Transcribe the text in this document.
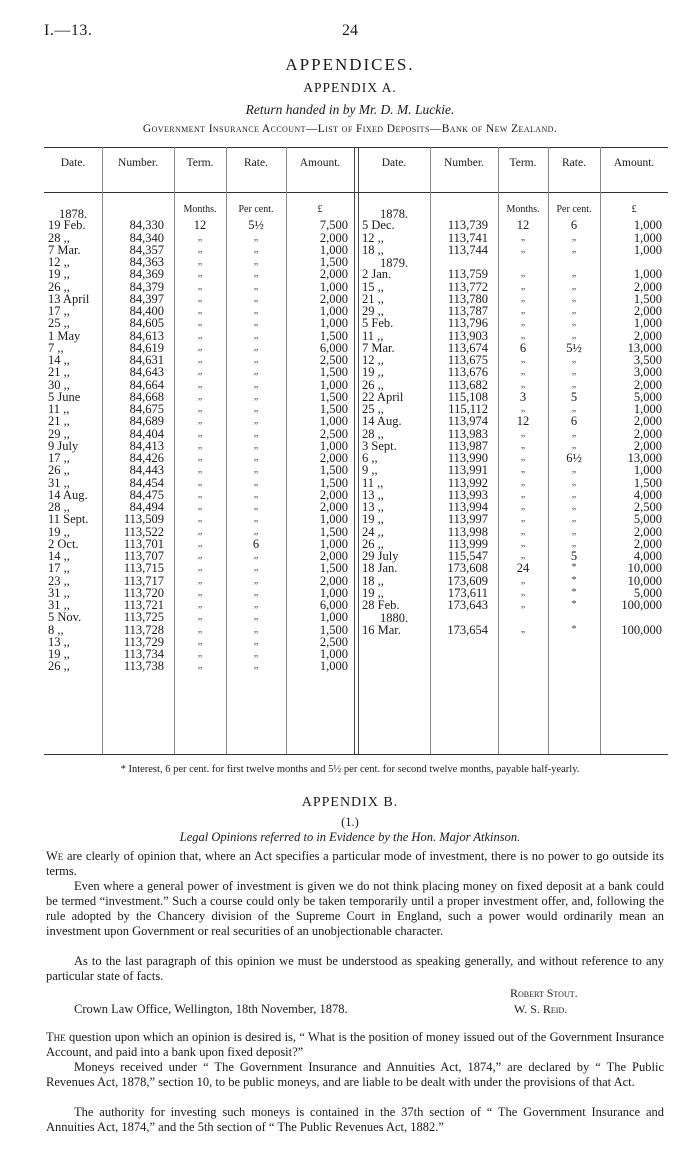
I.—13.	24
APPENDICES.
APPENDIX A.
Return handed in by Mr. D. M. Luckie.
Government Insurance Account—List of Fixed Deposits—Bank of New Zealand.
Date.	Number.	Term.	Rate.	Amount.
Months.	Per cent.	£
1878.
19 Feb.	84,330	12	5½	7,500
28 ,,	84,340	„	„	2,000
7 Mar.	84,357	„	„	1,000
12 ,,	84,363	„	„	1,500
19 ,,	84,369	„	„	2,000
26 ,,	84,379	„	„	1,000
13 April	84,397	„	„	2,000
17 ,,	84,400	„	„	1,000
25 ,,	84,605	„	„	1,000
1 May	84,613	„	„	1,500
7 ,,	84,619	„	„	6,000
14 ,,	84,631	„	„	2,500
21 ,,	84,643	„	„	1,500
30 ,,	84,664	„	„	1,000
5 June	84,668	„	„	1,500
11 ,,	84,675	„	„	1,500
21 ,,	84,689	„	„	1,000
29 ,,	84,404	„	„	2,500
9 July	84,413	„	„	1,000
17 ,,	84,426	„	„	2,000
26 ,,	84,443	„	„	1,500
31 ,,	84,454	„	„	1,500
14 Aug.	84,475	„	„	2,000
28 ,,	84,494	„	„	2,000
11 Sept.	113,509	„	„	1,000
19 ,,	113,522	„	„	1,500
2 Oct.	113,701	„	6	1,000
14 ,,	113,707	„	„	2,000
17 ,,	113,715	„	„	1,500
23 ,,	113,717	„	„	2,000
31 ,,	113,720	„	„	1,000
31 ,,	113,721	„	„	6,000
5 Nov.	113,725	„	„	1,000
8 ,,	113,728	„	„	1,500
13 ,,	113,729	„	„	2,500
19 ,,	113,734	„	„	1,000
26 ,,	113,738	„	„	1,000
Date.	Number.	Term.	Rate.	Amount.
Months.	Per cent.	£
1878.
5 Dec.	113,739	12	6	1,000
12 ,,	113,741	„	„	1,000
18 ,,	113,744	„	„	1,000
1879.
2 Jan.	113,759	„	„	1,000
15 ,,	113,772	„	„	2,000
21 ,,	113,780	„	„	1,500
29 ,,	113,787	„	„	2,000
5 Feb.	113,796	„	„	1,000
11 ,,	113,903	„	„	2,000
7 Mar.	113,674	6	5½	13,000
12 ,,	113,675	„	„	3,500
19 ,,	113,676	„	„	3,000
26 ,,	113,682	„	„	2,000
22 April	115,108	3	5	5,000
25 ,,	115,112	„	„	1,000
14 Aug.	113,974	12	6	2,000
28 ,,	113,983	„	„	2,000
3 Sept.	113,987	„	„	2,000
6 ,,	113,990	„	6½	13,000
9 ,,	113,991	„	„	1,000
11 ,,	113,992	„	„	1,500
13 ,,	113,993	„	„	4,000
13 ,,	113,994	„	„	2,500
19 ,,	113,997	„	„	5,000
24 ,,	113,998	„	„	2,000
26 ,,	113,999	„	„	2,000
29 July	115,547	„	5	4,000
18 Jan.	173,608	24	*	10,000
18 ,,	173,609	„	*	10,000
19 ,,	173,611	„	*	5,000
28 Feb.	173,643	„	*	100,000
1880.
16 Mar.	173,654	„	*	100,000
* Interest, 6 per cent. for first twelve months and 5½ per cent. for second twelve months, payable half-yearly.
APPENDIX B.
(1.)
Legal Opinions referred to in Evidence by the Hon. Major Atkinson.
We are clearly of opinion that, where an Act specifies a particular mode of investment, there is no power to go outside its terms.
Even where a general power of investment is given we do not think placing money on fixed deposit at a bank could be termed “investment.” Such a course could only be taken temporarily until a proper investment offer, and, following the rule adopted by the Chancery division of the Supreme Court in England, such a power would ordinarily mean an investment upon Government or real securities of an unobjectionable character.
As to the last paragraph of this opinion we must be understood as speaking generally, and without reference to any particular state of facts.
Robert Stout.
W. S. Reid.
Crown Law Office, Wellington, 18th November, 1878.
The question upon which an opinion is desired is, “ What is the position of money issued out of the Government Insurance Account, and paid into a bank upon fixed deposit?”
Moneys received under “ The Government Insurance and Annuities Act, 1874,” are declared by “ The Public Revenues Act, 1878,” section 10, to be public moneys, and are liable to be dealt with under the provisions of that Act.
The authority for investing such moneys is contained in the 37th section of “ The Government Insurance and Annuities Act, 1874,” and the 5th section of “ The Public Revenues Act, 1882.”
